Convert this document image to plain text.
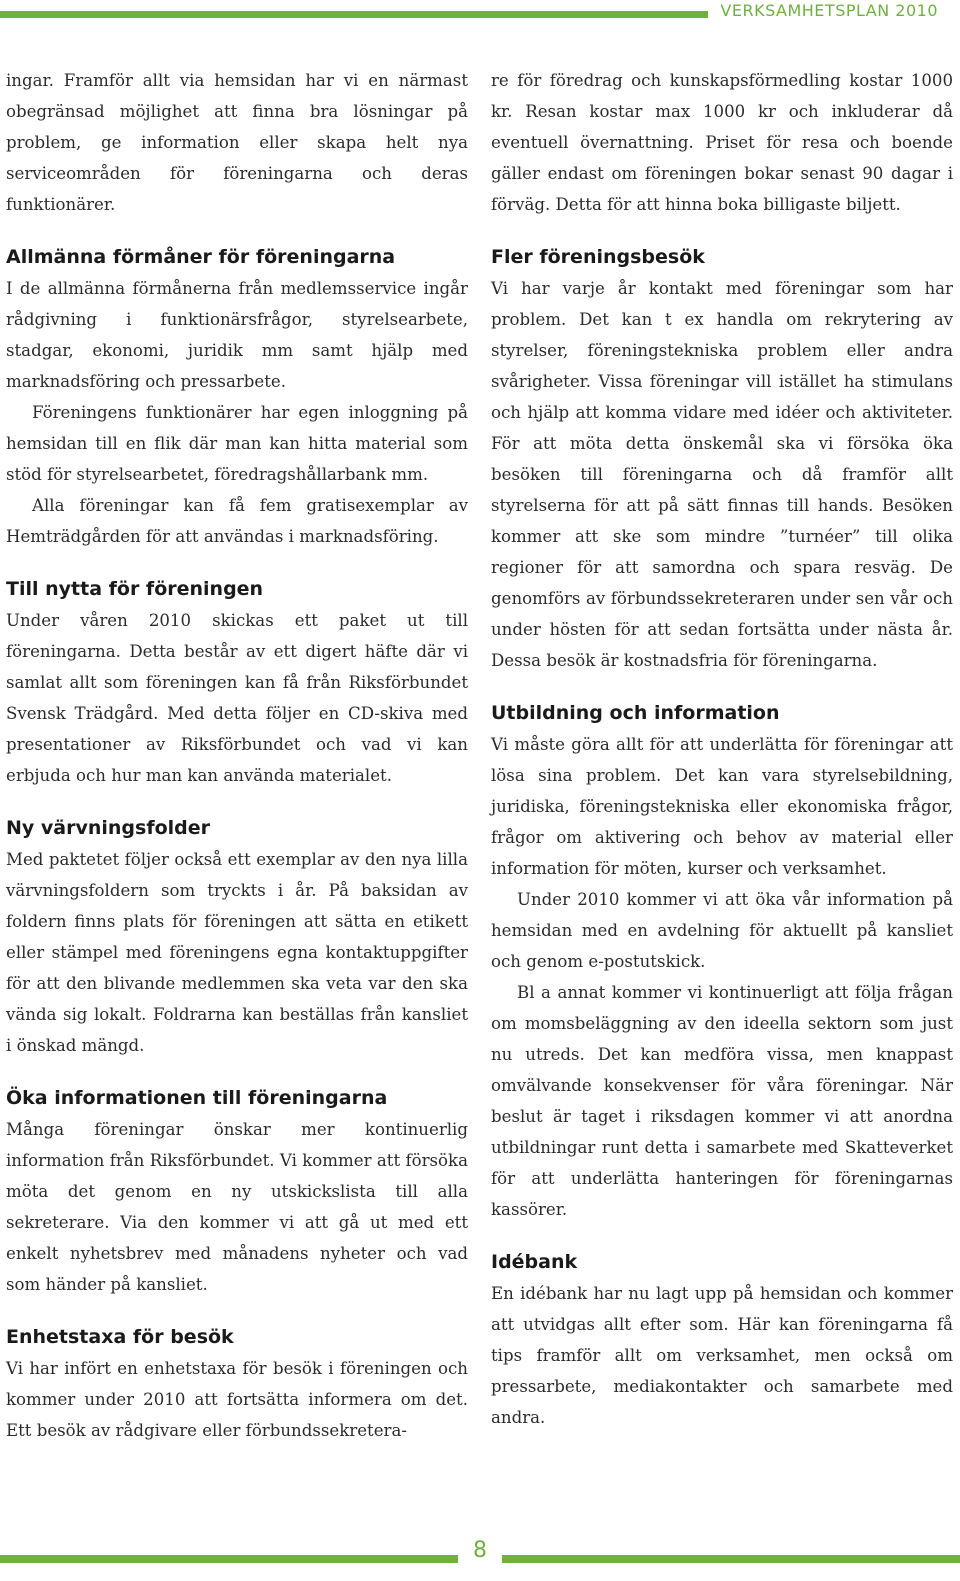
VERKSAMHETSPLAN 2010

ingar. Framför allt via hemsidan har vi en närmast obegränsad möjlighet att finna bra lösningar på problem, ge information eller skapa helt nya serviceområden för föreningarna och deras funktionärer.

Allmänna förmåner för föreningarna

I de allmänna förmånerna från medlemsservice ingår rådgivning i funktionärsfrågor, styrelsearbete, stadgar, ekonomi, juridik mm samt hjälp med marknadsföring och pressarbete.

Föreningens funktionärer har egen inloggning på hemsidan till en flik där man kan hitta material som stöd för styrelsearbetet, föredragshållarbank mm.

Alla föreningar kan få fem gratisexemplar av Hemträdgården för att användas i marknadsföring.

Till nytta för föreningen

Under våren 2010 skickas ett paket ut till föreningarna. Detta består av ett digert häfte där vi samlat allt som föreningen kan få från Riksförbundet Svensk Trädgård. Med detta följer en CD-skiva med presentationer av Riksförbundet och vad vi kan erbjuda och hur man kan använda materialet.

Ny värvningsfolder

Med paktetet följer också ett exemplar av den nya lilla värvningsfoldern som tryckts i år. På baksidan av foldern finns plats för föreningen att sätta en etikett eller stämpel med föreningens egna kontaktuppgifter för att den blivande medlemmen ska veta var den ska vända sig lokalt. Foldrarna kan beställas från kansliet i önskad mängd.

Öka informationen till föreningarna

Många föreningar önskar mer kontinuerlig information från Riksförbundet. Vi kommer att försöka möta det genom en ny utskickslista till alla sekreterare. Via den kommer vi att gå ut med ett enkelt nyhetsbrev med månadens nyheter och vad som händer på kansliet.

Enhetstaxa för besök

Vi har infört en enhetstaxa för besök i föreningen och kommer under 2010 att fortsätta informera om det. Ett besök av rådgivare eller förbundssekretera-

re för föredrag och kunskapsförmedling kostar 1000 kr. Resan kostar max 1000 kr och inkluderar då eventuell övernattning. Priset för resa och boende gäller endast om föreningen bokar senast 90 dagar i förväg. Detta för att hinna boka billigaste biljett.

Fler föreningsbesök

Vi har varje år kontakt med föreningar som har problem. Det kan t ex handla om rekrytering av styrelser, föreningstekniska problem eller andra svårigheter. Vissa föreningar vill istället ha stimulans och hjälp att komma vidare med idéer och aktiviteter. För att möta detta önskemål ska vi försöka öka besöken till föreningarna och då framför allt styrelserna för att på sätt finnas till hands. Besöken kommer att ske som mindre ”turnéer” till olika regioner för att samordna och spara resväg. De genomförs av förbundssekreteraren under sen vår och under hösten för att sedan fortsätta under nästa år. Dessa besök är kostnadsfria för föreningarna.

Utbildning och information

Vi måste göra allt för att underlätta för föreningar att lösa sina problem. Det kan vara styrelsebildning, juridiska, föreningstekniska eller ekonomiska frågor, frågor om aktivering och behov av material eller information för möten, kurser och verksamhet.

Under 2010 kommer vi att öka vår information på hemsidan med en avdelning för aktuellt på kansliet och genom e-postutskick.

Bl a annat kommer vi kontinuerligt att följa frågan om momsbeläggning av den ideella sektorn som just nu utreds. Det kan medföra vissa, men knappast omvälvande konsekvenser för våra föreningar. När beslut är taget i riksdagen kommer vi att anordna utbildningar runt detta i samarbete med Skatteverket för att underlätta hanteringen för föreningarnas kassörer.

Idébank

En idébank har nu lagt upp på hemsidan och kommer att utvidgas allt efter som. Här kan föreningarna få tips framför allt om verksamhet, men också om pressarbete, mediakontakter och samarbete med andra.

8
